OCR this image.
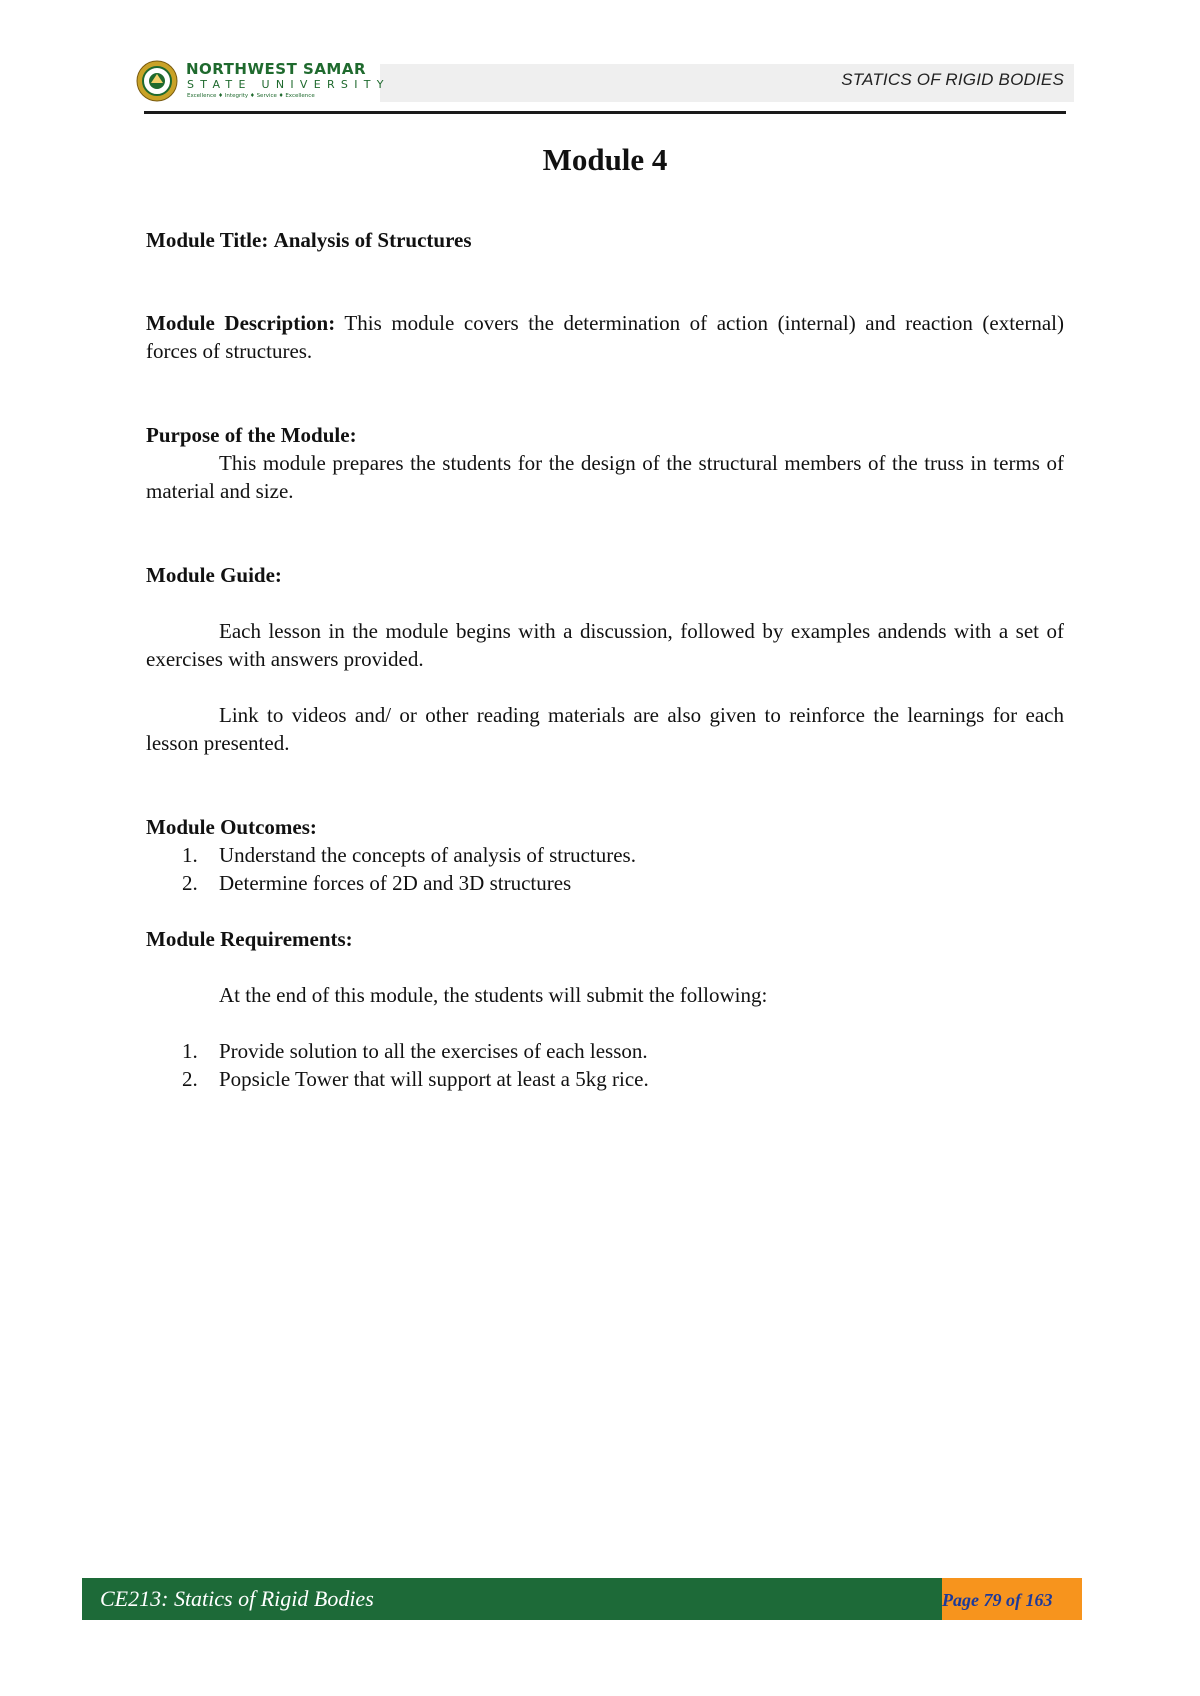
NORTHWEST SAMAR
STATE UNIVERSITY
Excellence ♦ Integrity ♦ Service ♦ Excellence
STATICS OF RIGID BODIES
Module 4

Module Title: Analysis of Structures

Module Description: This module covers the determination of action (internal) and reaction (external) forces of structures.

Purpose of the Module:

This module prepares the students for the design of the structural members of the truss in terms of material and size.

Module Guide:

Each lesson in the module begins with a discussion, followed by examples andends with a set of exercises with answers provided.

Link to videos and/ or other reading materials are also given to reinforce the learnings for each lesson presented.

Module Outcomes:

1.	Understand the concepts of analysis of structures.
2.	Determine forces of 2D and 3D structures

Module Requirements:

At the end of this module, the students will submit the following:

1.	Provide solution to all the exercises of each lesson.
2.	Popsicle Tower that will support at least a 5kg rice.
CE213: Statics of Rigid Bodies	Page 79 of 163
